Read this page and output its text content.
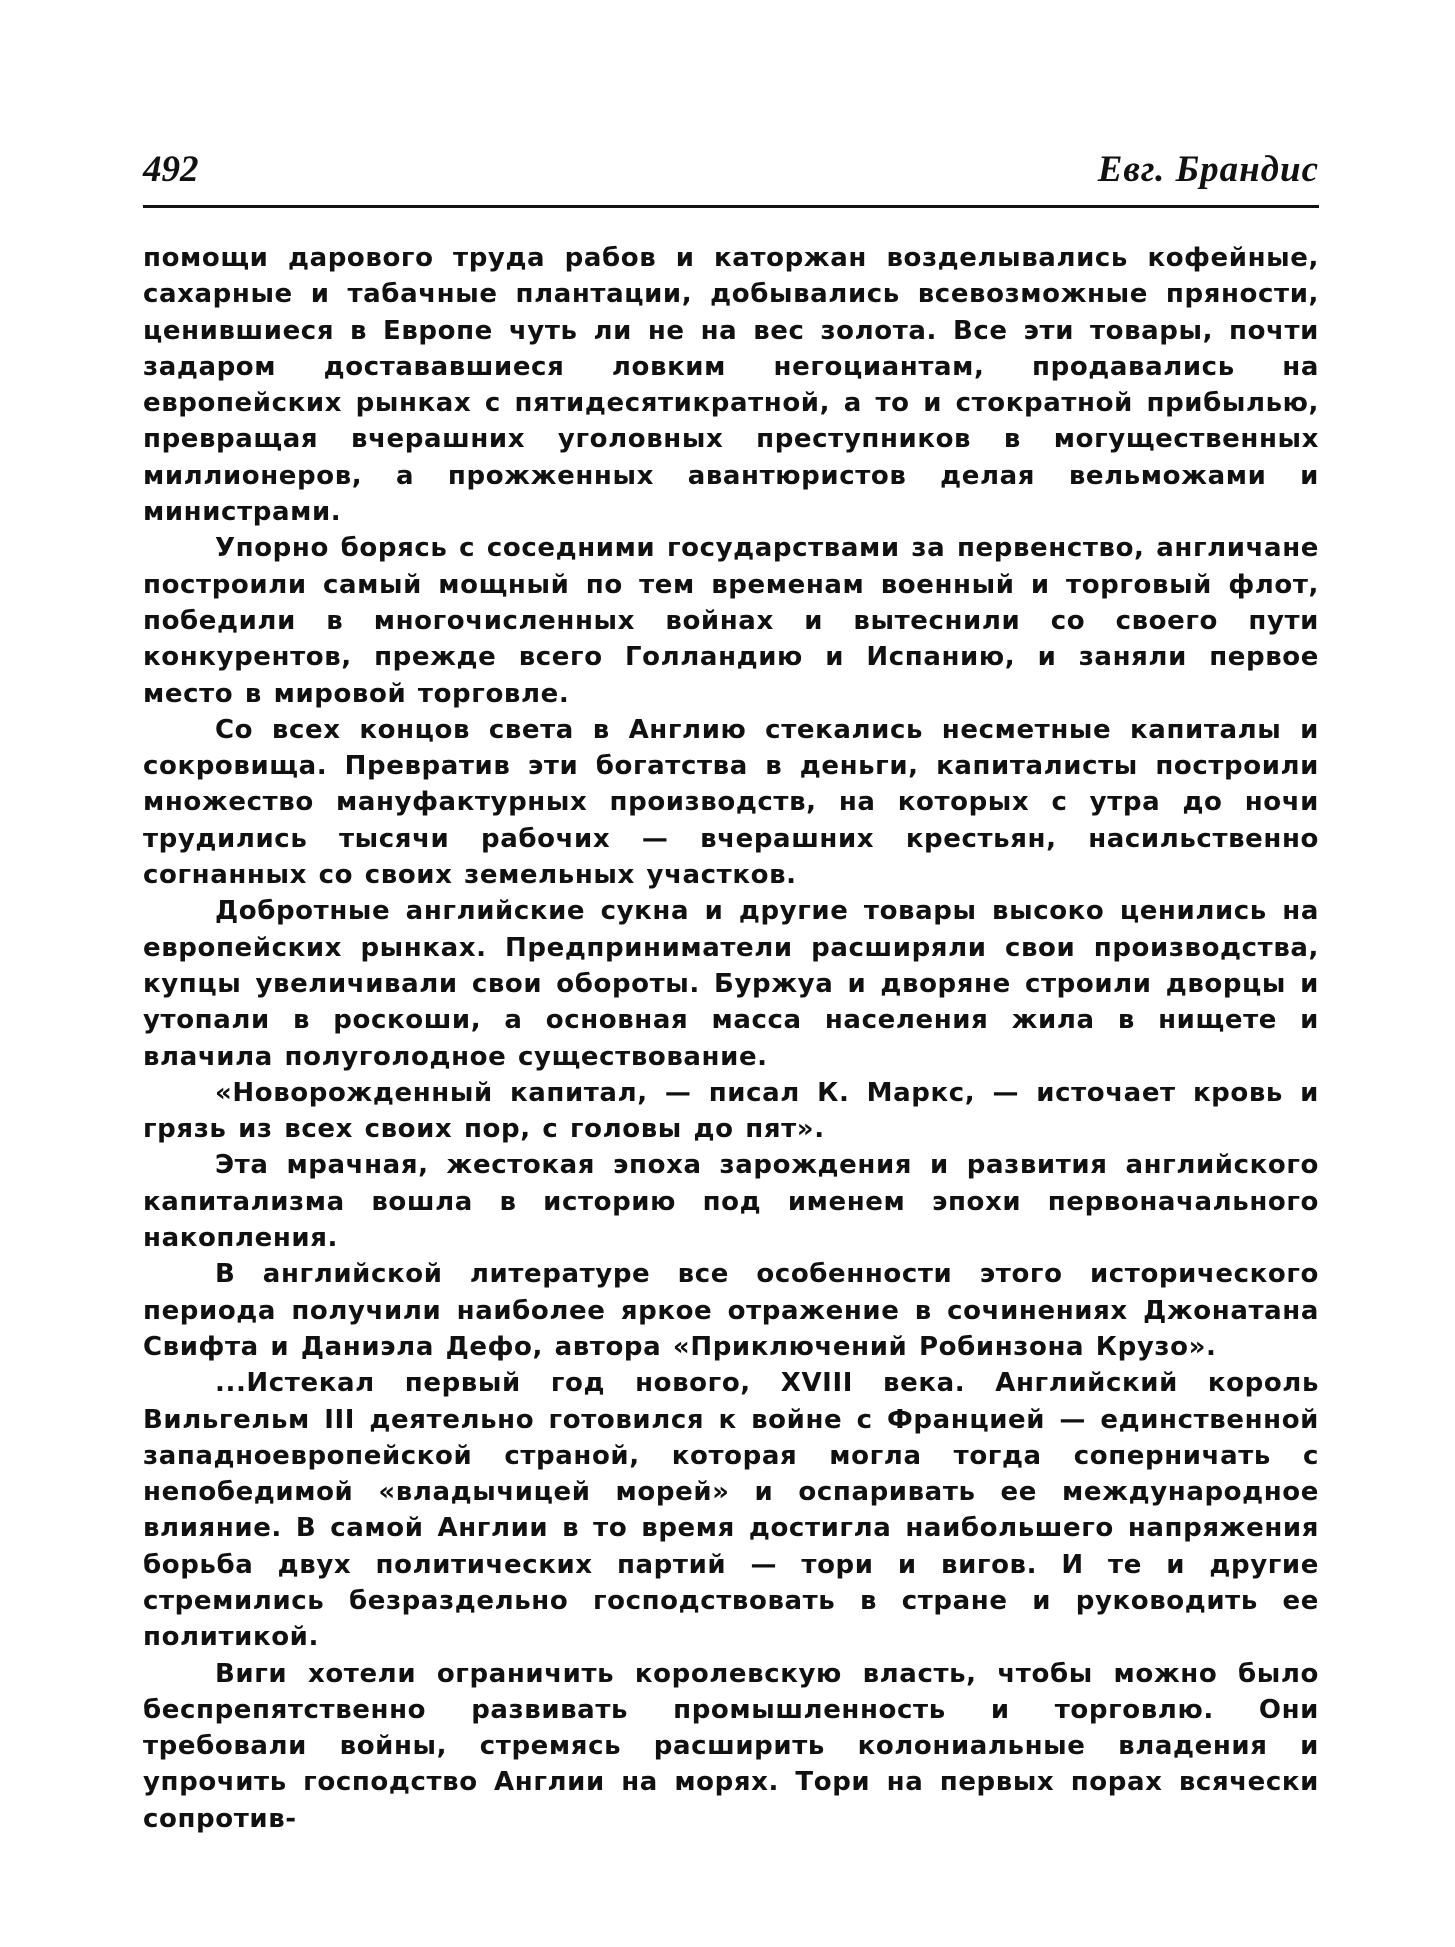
492	Евг. Брандис

помощи дарового труда рабов и каторжан возделывались кофейные, сахарные и табачные плантации, добывались всевозможные пряности, ценившиеся в Европе чуть ли не на вес золота. Все эти товары, почти задаром достававшиеся ловким негоциантам, продавались на европейских рынках с пятидесятикратной, а то и стократной прибылью, превращая вчерашних уголовных преступников в могущественных миллионеров, а прожженных авантюристов делая вельможами и министрами.

Упорно борясь с соседними государствами за первенство, англичане построили самый мощный по тем временам военный и торговый флот, победили в многочисленных войнах и вытеснили со своего пути конкурентов, прежде всего Голландию и Испанию, и заняли первое место в мировой торговле.

Со всех концов света в Англию стекались несметные капиталы и сокровища. Превратив эти богатства в деньги, капиталисты построили множество мануфактурных производств, на которых с утра до ночи трудились тысячи рабочих — вчерашних крестьян, насильственно согнанных со своих земельных участков.

Добротные английские сукна и другие товары высоко ценились на европейских рынках. Предприниматели расширяли свои производства, купцы увеличивали свои обороты. Буржуа и дворяне строили дворцы и утопали в роскоши, а основная масса населения жила в нищете и влачила полуголодное существование.

«Новорожденный капитал, — писал К. Маркс, — источает кровь и грязь из всех своих пор, с головы до пят».

Эта мрачная, жестокая эпоха зарождения и развития английского капитализма вошла в историю под именем эпохи первоначального накопления.

В английской литературе все особенности этого исторического периода получили наиболее яркое отражение в сочинениях Джонатана Свифта и Даниэла Дефо, автора «Приключений Робинзона Крузо».

...Истекал первый год нового, XVIII века. Английский король Вильгельм III деятельно готовился к войне с Францией — единственной западноевропейской страной, которая могла тогда соперничать с непобедимой «владычицей морей» и оспаривать ее международное влияние. В самой Англии в то время достигла наибольшего напряжения борьба двух политических партий — тори и вигов. И те и другие стремились безраздельно господствовать в стране и руководить ее политикой.

Виги хотели ограничить королевскую власть, чтобы можно было беспрепятственно развивать промышленность и торговлю. Они требовали войны, стремясь расширить колониальные владения и упрочить господство Англии на морях. Тори на первых порах всячески сопротив-
